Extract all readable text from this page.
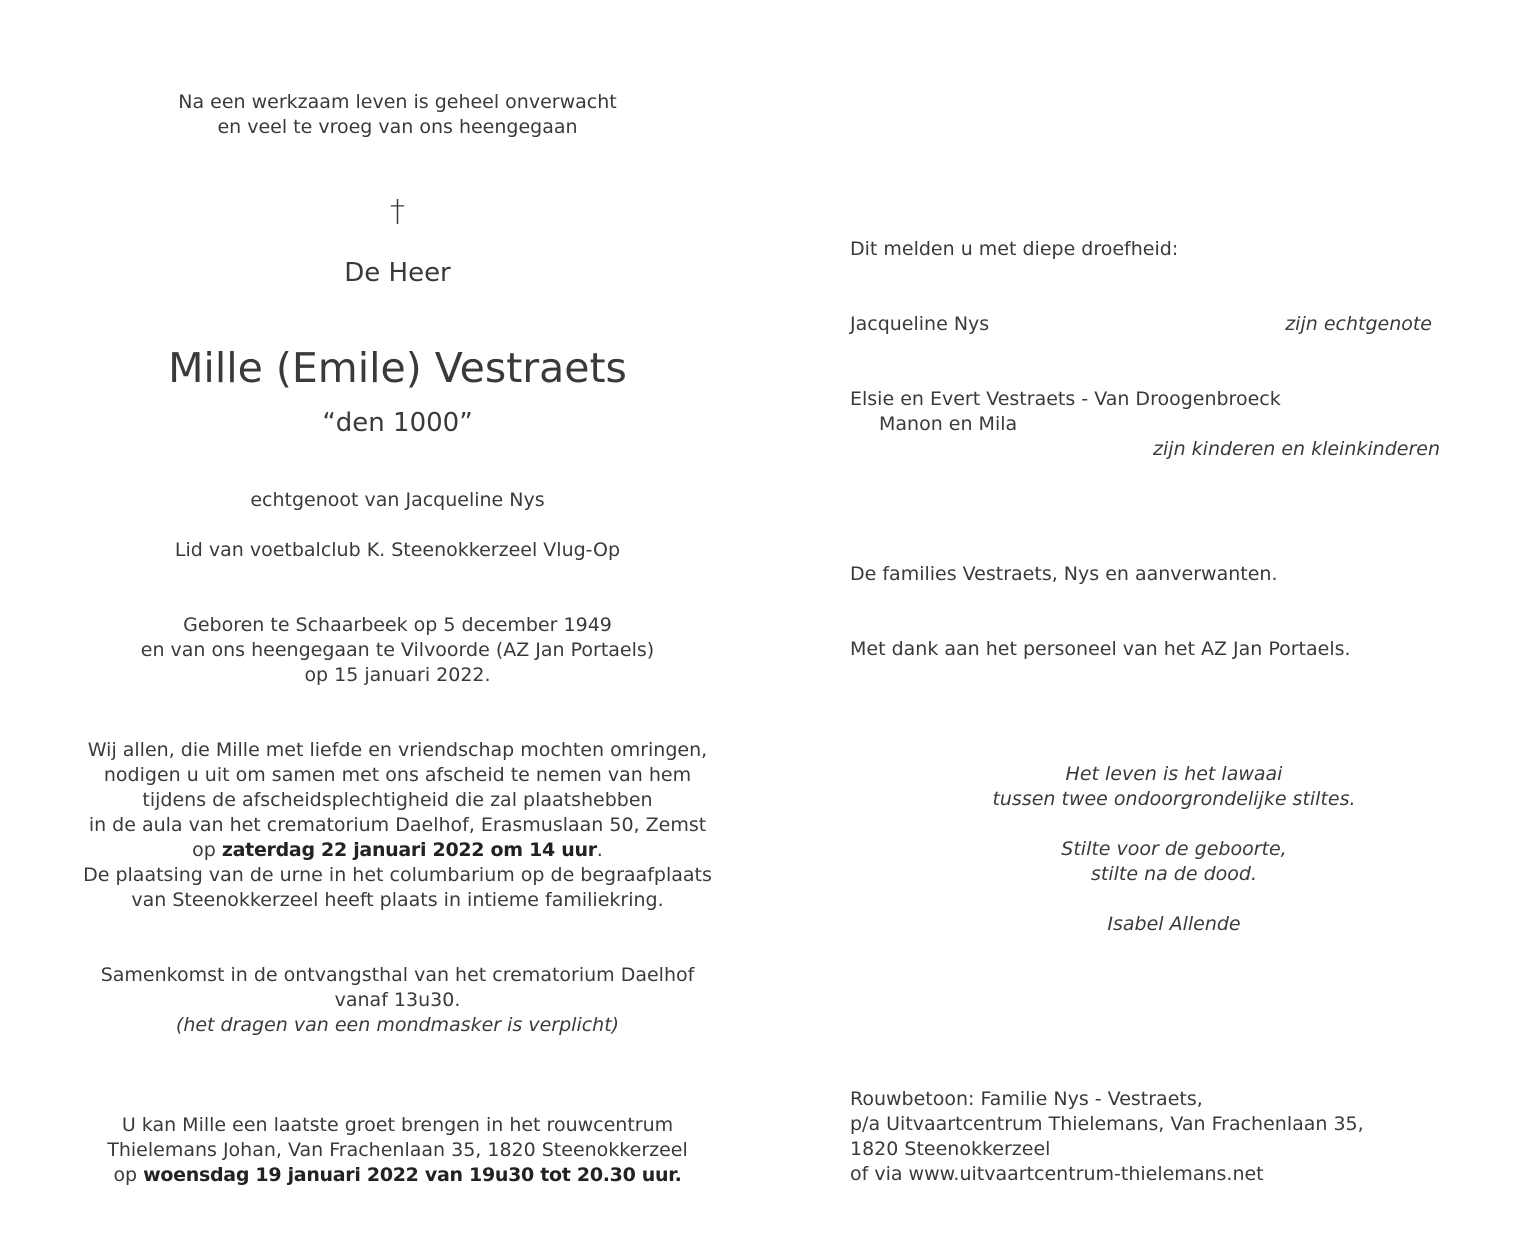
Na een werkzaam leven is geheel onverwacht

en veel te vroeg van ons heengegaan

†
De Heer
Mille (Emile) Vestraets
“den 1000”
echtgenoot van Jacqueline Nys
Lid van voetbalclub K. Steenokkerzeel Vlug-Op

Geboren te Schaarbeek op 5 december 1949

en van ons heengegaan te Vilvoorde (AZ Jan Portaels)

op 15 januari 2022.

Wij allen, die Mille met liefde en vriendschap mochten omringen,

nodigen u uit om samen met ons afscheid te nemen van hem

tijdens de afscheidsplechtigheid die zal plaatshebben

in de aula van het crematorium Daelhof, Erasmuslaan 50, Zemst

op zaterdag 22 januari 2022 om 14 uur.

De plaatsing van de urne in het columbarium op de begraafplaats

van Steenokkerzeel heeft plaats in intieme familiekring.

Samenkomst in de ontvangsthal van het crematorium Daelhof

vanaf 13u30.

(het dragen van een mondmasker is verplicht)

U kan Mille een laatste groet brengen in het rouwcentrum

Thielemans Johan, Van Frachenlaan 35, 1820 Steenokkerzeel

op woensdag 19 januari 2022 van 19u30 tot 20.30 uur.

Dit melden u met diepe droefheid:
Jacqueline Nys	zijn echtgenote

Elsie en Evert Vestraets - Van Droogenbroeck

Manon en Mila

zijn kinderen en kleinkinderen

De families Vestraets, Nys en aanverwanten.
Met dank aan het personeel van het AZ Jan Portaels.

Het leven is het lawaai

tussen twee ondoorgrondelijke stiltes.

Stilte voor de geboorte,

stilte na de dood.

Isabel Allende

Rouwbetoon: Familie Nys - Vestraets,

p/a Uitvaartcentrum Thielemans, Van Frachenlaan 35,

1820 Steenokkerzeel

of via www.uitvaartcentrum-thielemans.net
